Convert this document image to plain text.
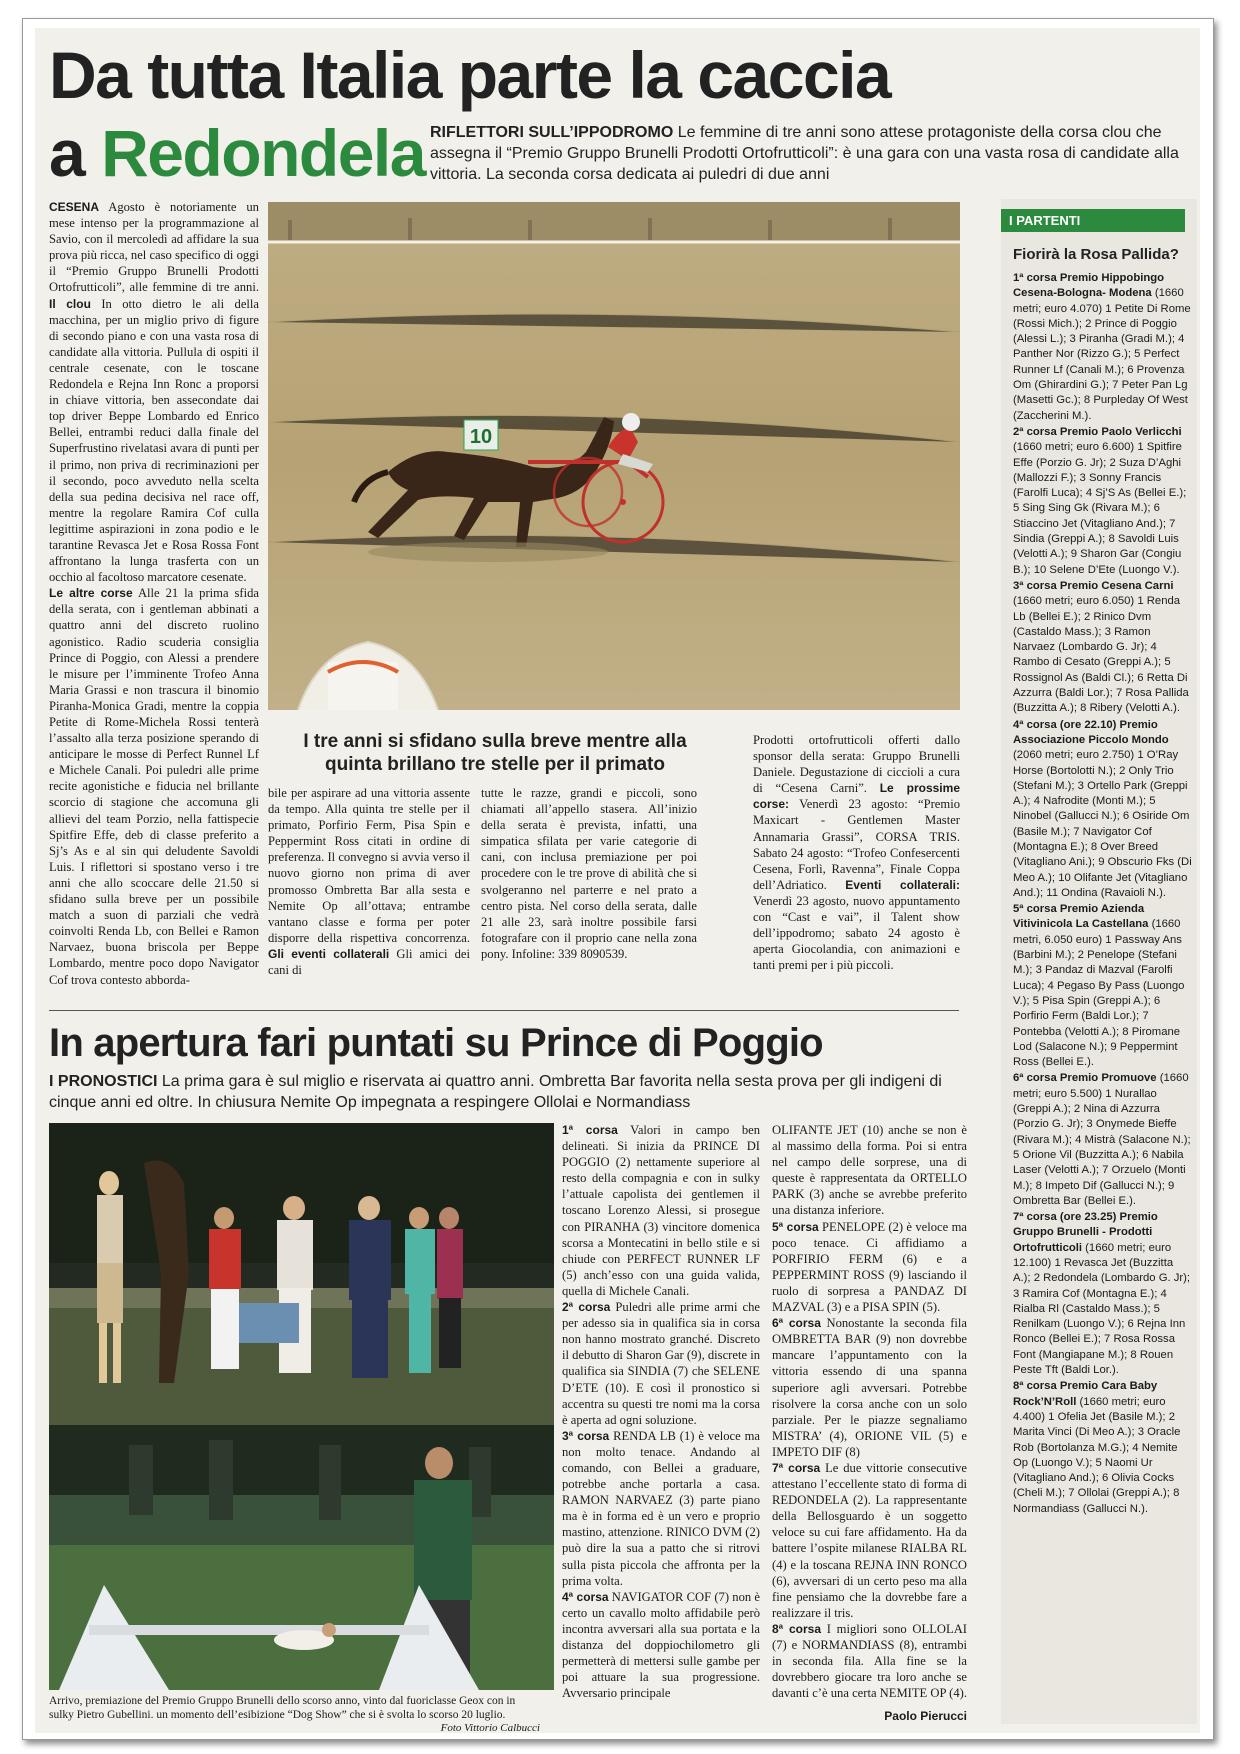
Da tutta Italia parte la caccia
a Redondela RIFLETTORI SULL’IPPODROMO Le femmine di tre anni sono attese protagoniste della corsa clou che assegna il “Premio Gruppo Brunelli Prodotti Ortofrutticoli”: è una gara con una vasta rosa di candidate alla vittoria. La seconda corsa dedicata ai puledri di due anni

CESENA Agosto è notoriamente un mese intenso per la programmazione al Savio, con il mercoledì ad affidare la sua prova più ricca, nel caso specifico di oggi il “Premio Gruppo Brunelli Prodotti Ortofrutticoli”, alle femmine di tre anni. Il clou In otto dietro le ali della macchina, per un miglio privo di figure di secondo piano e con una vasta rosa di candidate alla vittoria. Pullula di ospiti il centrale cesenate, con le toscane Redondela e Rejna Inn Ronc a proporsi in chiave vittoria, ben assecondate dai top driver Beppe Lombardo ed Enrico Bellei, entrambi reduci dalla finale del Superfrustino rivelatasi avara di punti per il primo, non priva di recriminazioni per il secondo, poco avveduto nella scelta della sua pedina decisiva nel race off, mentre la regolare Ramira Cof culla legittime aspirazioni in zona podio e le tarantine Revasca Jet e Rosa Rossa Font affrontano la lunga trasferta con un occhio al facoltoso marcatore cesenate.

Le altre corse Alle 21 la prima sfida della serata, con i gentleman abbinati a quattro anni del discreto ruolino agonistico. Radio scuderia consiglia Prince di Poggio, con Alessi a prendere le misure per l’imminente Trofeo Anna Maria Grassi e non trascura il binomio Piranha-Monica Gradi, mentre la coppia Petite di Rome-Michela Rossi tenterà l’assalto alla terza posizione sperando di anticipare le mosse di Perfect Runnel Lf e Michele Canali. Poi puledri alle prime recite agonistiche e fiducia nel brillante scorcio di stagione che accomuna gli allievi del team Porzio, nella fattispecie Spitfire Effe, deb di classe preferito a Sj’s As e al sin qui deludente Savoldi Luis. I riflettori si spostano verso i tre anni che allo scoccare delle 21.50 si sfidano sulla breve per un possibile match a suon di parziali che vedrà coinvolti Renda Lb, con Bellei e Ramon Narvaez, buona briscola per Beppe Lombardo, mentre poco dopo Navigator Cof trova contesto abborda-

10
I tre anni si sfidano sulla breve mentre alla quinta brillano tre stelle per il primato

bile per aspirare ad una vittoria assente da tempo. Alla quinta tre stelle per il primato, Porfirio Ferm, Pisa Spin e Peppermint Ross citati in ordine di preferenza. Il convegno si avvia verso il nuovo giorno non prima di aver promosso Ombretta Bar alla sesta e Nemite Op all’ottava; entrambe vantano classe e forma per poter disporre della rispettiva concorrenza. Gli eventi collaterali Gli amici dei cani di

tutte le razze, grandi e piccoli, sono chiamati all’appello stasera. All’inizio della serata è prevista, infatti, una simpatica sfilata per varie categorie di cani, con inclusa premiazione per poi procedere con le tre prove di abilità che si svolgeranno nel parterre e nel prato a centro pista. Nel corso della serata, dalle 21 alle 23, sarà inoltre possibile farsi fotografare con il proprio cane nella zona pony. Infoline: 339 8090539.

Prodotti ortofrutticoli offerti dallo sponsor della serata: Gruppo Brunelli Daniele. Degustazione di ciccioli a cura di “Cesena Carni”. Le prossime corse: Venerdì 23 agosto: “Premio Maxicart - Gentlemen Master Annamaria Grassi”, CORSA TRIS. Sabato 24 agosto: “Trofeo Confesercenti Cesena, Forlì, Ravenna”, Finale Coppa dell’Adriatico. Eventi collaterali: Venerdì 23 agosto, nuovo appuntamento con “Cast e vai”, il Talent show dell’ippodromo; sabato 24 agosto è aperta Giocolandia, con animazioni e tanti premi per i più piccoli.

I PARTENTI
Fiorirà la Rosa Pallida?

1ª corsa Premio Hippobingo Cesena-Bologna- Modena (1660 metri; euro 4.070) 1 Petite Di Rome (Rossi Mich.); 2 Prince di Poggio (Alessi L.); 3 Piranha (Gradi M.); 4 Panther Nor (Rizzo G.); 5 Perfect Runner Lf (Canali M.); 6 Provenza Om (Ghirardini G.); 7 Peter Pan Lg (Masetti Gc.); 8 Purpleday Of West (Zaccherini M.).

2ª corsa Premio Paolo Verlicchi (1660 metri; euro 6.600) 1 Spitfire Effe (Porzio G. Jr); 2 Suza D’Aghi (Mallozzi F.); 3 Sonny Francis (Farolfi Luca); 4 Sj’S As (Bellei E.); 5 Sing Sing Gk (Rivara M.); 6 Stiaccino Jet (Vitagliano And.); 7 Sindia (Greppi A.); 8 Savoldi Luis (Velotti A.); 9 Sharon Gar (Congiu B.); 10 Selene D’Ete (Luongo V.).

3ª corsa Premio Cesena Carni (1660 metri; euro 6.050) 1 Renda Lb (Bellei E.); 2 Rinico Dvm (Castaldo Mass.); 3 Ramon Narvaez (Lombardo G. Jr); 4 Rambo di Cesato (Greppi A.); 5 Rossignol As (Baldi Cl.); 6 Retta Di Azzurra (Baldi Lor.); 7 Rosa Pallida (Buzzitta A.); 8 Ribery (Velotti A.).

4ª corsa (ore 22.10) Premio Associazione Piccolo Mondo (2060 metri; euro 2.750) 1 O’Ray Horse (Bortolotti N.); 2 Only Trio (Stefani M.); 3 Ortello Park (Greppi A.); 4 Nafrodite (Monti M.); 5 Ninobel (Gallucci N.); 6 Osiride Om (Basile M.); 7 Navigator Cof (Montagna E.); 8 Over Breed (Vitagliano Ani.); 9 Obscurio Fks (Di Meo A.); 10 Olifante Jet (Vitagliano And.); 11 Ondina (Ravaioli N.).

5ª corsa Premio Azienda Vitivinicola La Castellana (1660 metri, 6.050 euro) 1 Passway Ans (Barbini M.); 2 Penelope (Stefani M.); 3 Pandaz di Mazval (Farolfi Luca); 4 Pegaso By Pass (Luongo V.); 5 Pisa Spin (Greppi A.); 6 Porfirio Ferm (Baldi Lor.); 7 Pontebba (Velotti A.); 8 Piromane Lod (Salacone N.); 9 Peppermint Ross (Bellei E.).

6ª corsa Premio Promuove (1660 metri; euro 5.500) 1 Nurallao (Greppi A.); 2 Nina di Azzurra (Porzio G. Jr); 3 Onymede Bieffe (Rivara M.); 4 Mistrà (Salacone N.); 5 Orione Vil (Buzzitta A.); 6 Nabila Laser (Velotti A.); 7 Orzuelo (Monti M.); 8 Impeto Dif (Gallucci N.); 9 Ombretta Bar (Bellei E.).

7ª corsa (ore 23.25) Premio Gruppo Brunelli - Prodotti Ortofrutticoli (1660 metri; euro 12.100) 1 Revasca Jet (Buzzitta A.); 2 Redondela (Lombardo G. Jr); 3 Ramira Cof (Montagna E.); 4 Rialba Rl (Castaldo Mass.); 5 Renilkam (Luongo V.); 6 Rejna Inn Ronco (Bellei E.); 7 Rosa Rossa Font (Mangiapane M.); 8 Rouen Peste Tft (Baldi Lor.).

8ª corsa Premio Cara Baby Rock’N’Roll (1660 metri; euro 4.400) 1 Ofelia Jet (Basile M.); 2 Marita Vinci (Di Meo A.); 3 Oracle Rob (Bortolanza M.G.); 4 Nemite Op (Luongo V.); 5 Naomi Ur (Vitagliano And.); 6 Olivia Cocks (Cheli M.); 7 Ollolai (Greppi A.); 8 Normandiass (Gallucci N.).

In apertura fari puntati su Prince di Poggio
I PRONOSTICI La prima gara è sul miglio e riservata ai quattro anni. Ombretta Bar favorita nella sesta prova per gli indigeni di cinque anni ed oltre. In chiusura Nemite Op impegnata a respingere Ollolai e Normandiass
Arrivo, premiazione del Premio Gruppo Brunelli dello scorso anno, vinto dal fuoriclasse Geox con in sulky Pietro Gubellini. un momento dell’esibizione “Dog Show” che si è svolta lo scorso 20 luglio.
Foto Vittorio Calbucci

1ª corsa Valori in campo ben delineati. Si inizia da PRINCE DI POGGIO (2) nettamente superiore al resto della compagnia e con in sulky l’attuale capolista dei gentlemen il toscano Lorenzo Alessi, si prosegue con PIRANHA (3) vincitore domenica scorsa a Montecatini in bello stile e si chiude con PERFECT RUNNER LF (5) anch’esso con una guida valida, quella di Michele Canali.

2ª corsa Puledri alle prime armi che per adesso sia in qualifica sia in corsa non hanno mostrato granché. Discreto il debutto di Sharon Gar (9), discrete in qualifica sia SINDIA (7) che SELENE D’ETE (10). E così il pronostico si accentra su questi tre nomi ma la corsa è aperta ad ogni soluzione.

3ª corsa RENDA LB (1) è veloce ma non molto tenace. Andando al comando, con Bellei a graduare, potrebbe anche portarla a casa. RAMON NARVAEZ (3) parte piano ma è in forma ed è un vero e proprio mastino, attenzione. RINICO DVM (2) può dire la sua a patto che si ritrovi sulla pista piccola che affronta per la prima volta.

4ª corsa NAVIGATOR COF (7) non è certo un cavallo molto affidabile però incontra avversari alla sua portata e la distanza del doppiochilometro gli permetterà di mettersi sulle gambe per poi attuare la sua progressione. Avversario principale

OLIFANTE JET (10) anche se non è al massimo della forma. Poi si entra nel campo delle sorprese, una di queste è rappresentata da ORTELLO PARK (3) anche se avrebbe preferito una distanza inferiore.

5ª corsa PENELOPE (2) è veloce ma poco tenace. Ci affidiamo a PORFIRIO FERM (6) e a PEPPERMINT ROSS (9) lasciando il ruolo di sorpresa a PANDAZ DI MAZVAL (3) e a PISA SPIN (5).

6ª corsa Nonostante la seconda fila OMBRETTA BAR (9) non dovrebbe mancare l’appuntamento con la vittoria essendo di una spanna superiore agli avversari. Potrebbe risolvere la corsa anche con un solo parziale. Per le piazze segnaliamo MISTRA’ (4), ORIONE VIL (5) e IMPETO DIF (8)

7ª corsa Le due vittorie consecutive attestano l’eccellente stato di forma di REDONDELA (2). La rappresentante della Bellosguardo è un soggetto veloce su cui fare affidamento. Ha da battere l’ospite milanese RIALBA RL (4) e la toscana REJNA INN RONCO (6), avversari di un certo peso ma alla fine pensiamo che la dovrebbe fare a realizzare il tris.

8ª corsa I migliori sono OLLOLAI (7) e NORMANDIASS (8), entrambi in seconda fila. Alla fine se la dovrebbero giocare tra loro anche se davanti c’è una certa NEMITE OP (4).

Paolo Pierucci
